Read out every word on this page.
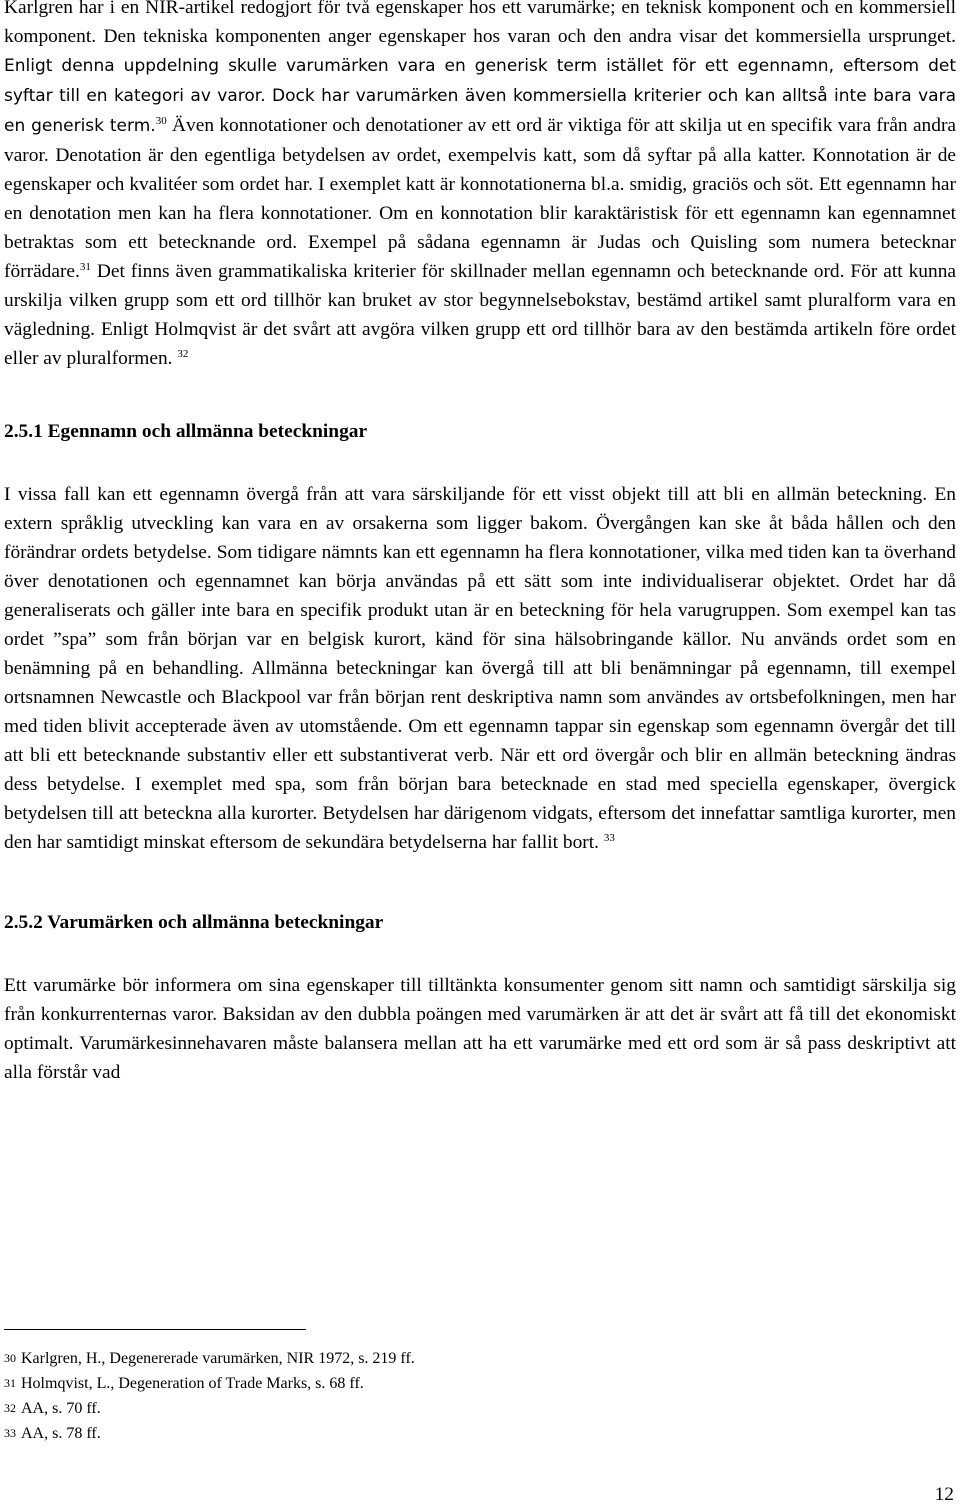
Karlgren har i en NIR-artikel redogjort för två egenskaper hos ett varumärke; en teknisk komponent och en kommersiell komponent. Den tekniska komponenten anger egenskaper hos varan och den andra visar det kommersiella ursprunget. Enligt denna uppdelning skulle varumärken vara en generisk term istället för ett egennamn, eftersom det syftar till en kategori av varor. Dock har varumärken även kommersiella kriterier och kan alltså inte bara vara en generisk term.$^{30}$ Även konnotationer och denotationer av ett ord är viktiga för att skilja ut en specifik vara från andra varor. Denotation är den egentliga betydelsen av ordet, exempelvis katt, som då syftar på alla katter. Konnotation är de egenskaper och kvalitéer som ordet har. I exemplet katt är konnotationerna bl.a. smidig, graciös och söt. Ett egennamn har en denotation men kan ha flera konnotationer. Om en konnotation blir karaktäristisk för ett egennamn kan egennamnet betraktas som ett betecknande ord. Exempel på sådana egennamn är Judas och Quisling som numera betecknar förrädare.$^{31}$ Det finns även grammatikaliska kriterier för skillnader mellan egennamn och betecknande ord. För att kunna urskilja vilken grupp som ett ord tillhör kan bruket av stor begynnelsebokstav, bestämd artikel samt pluralform vara en vägledning. Enligt Holmqvist är det svårt att avgöra vilken grupp ett ord tillhör bara av den bestämda artikeln före ordet eller av pluralformen. $^{32}$

2.5.1 Egennamn och allmänna beteckningar

I vissa fall kan ett egennamn övergå från att vara särskiljande för ett visst objekt till att bli en allmän beteckning. En extern språklig utveckling kan vara en av orsakerna som ligger bakom. Övergången kan ske åt båda hållen och den förändrar ordets betydelse. Som tidigare nämnts kan ett egennamn ha flera konnotationer, vilka med tiden kan ta överhand över denotationen och egennamnet kan börja användas på ett sätt som inte individualiserar objektet. Ordet har då generaliserats och gäller inte bara en specifik produkt utan är en beteckning för hela varugruppen. Som exempel kan tas ordet ”spa” som från början var en belgisk kurort, känd för sina hälsobringande källor. Nu används ordet som en benämning på en behandling. Allmänna beteckningar kan övergå till att bli benämningar på egennamn, till exempel ortsnamnen Newcastle och Blackpool var från början rent deskriptiva namn som användes av ortsbefolkningen, men har med tiden blivit accepterade även av utomstående. Om ett egennamn tappar sin egenskap som egennamn övergår det till att bli ett betecknande substantiv eller ett substantiverat verb. När ett ord övergår och blir en allmän beteckning ändras dess betydelse. I exemplet med spa, som från början bara betecknade en stad med speciella egenskaper, övergick betydelsen till att beteckna alla kurorter. Betydelsen har därigenom vidgats, eftersom det innefattar samtliga kurorter, men den har samtidigt minskat eftersom de sekundära betydelserna har fallit bort. $^{33}$

2.5.2 Varumärken och allmänna beteckningar

Ett varumärke bör informera om sina egenskaper till tilltänkta konsumenter genom sitt namn och samtidigt särskilja sig från konkurrenternas varor. Baksidan av den dubbla poängen med varumärken är att det är svårt att få till det ekonomiskt optimalt. Varumärkesinnehavaren måste balansera mellan att ha ett varumärke med ett ord som är så pass deskriptivt att alla förstår vad

30 Karlgren, H., Degenererade varumärken, NIR 1972, s. 219 ff.
31 Holmqvist, L., Degeneration of Trade Marks, s. 68 ff.
32 AA, s. 70 ff.
33 AA, s. 78 ff.
12
